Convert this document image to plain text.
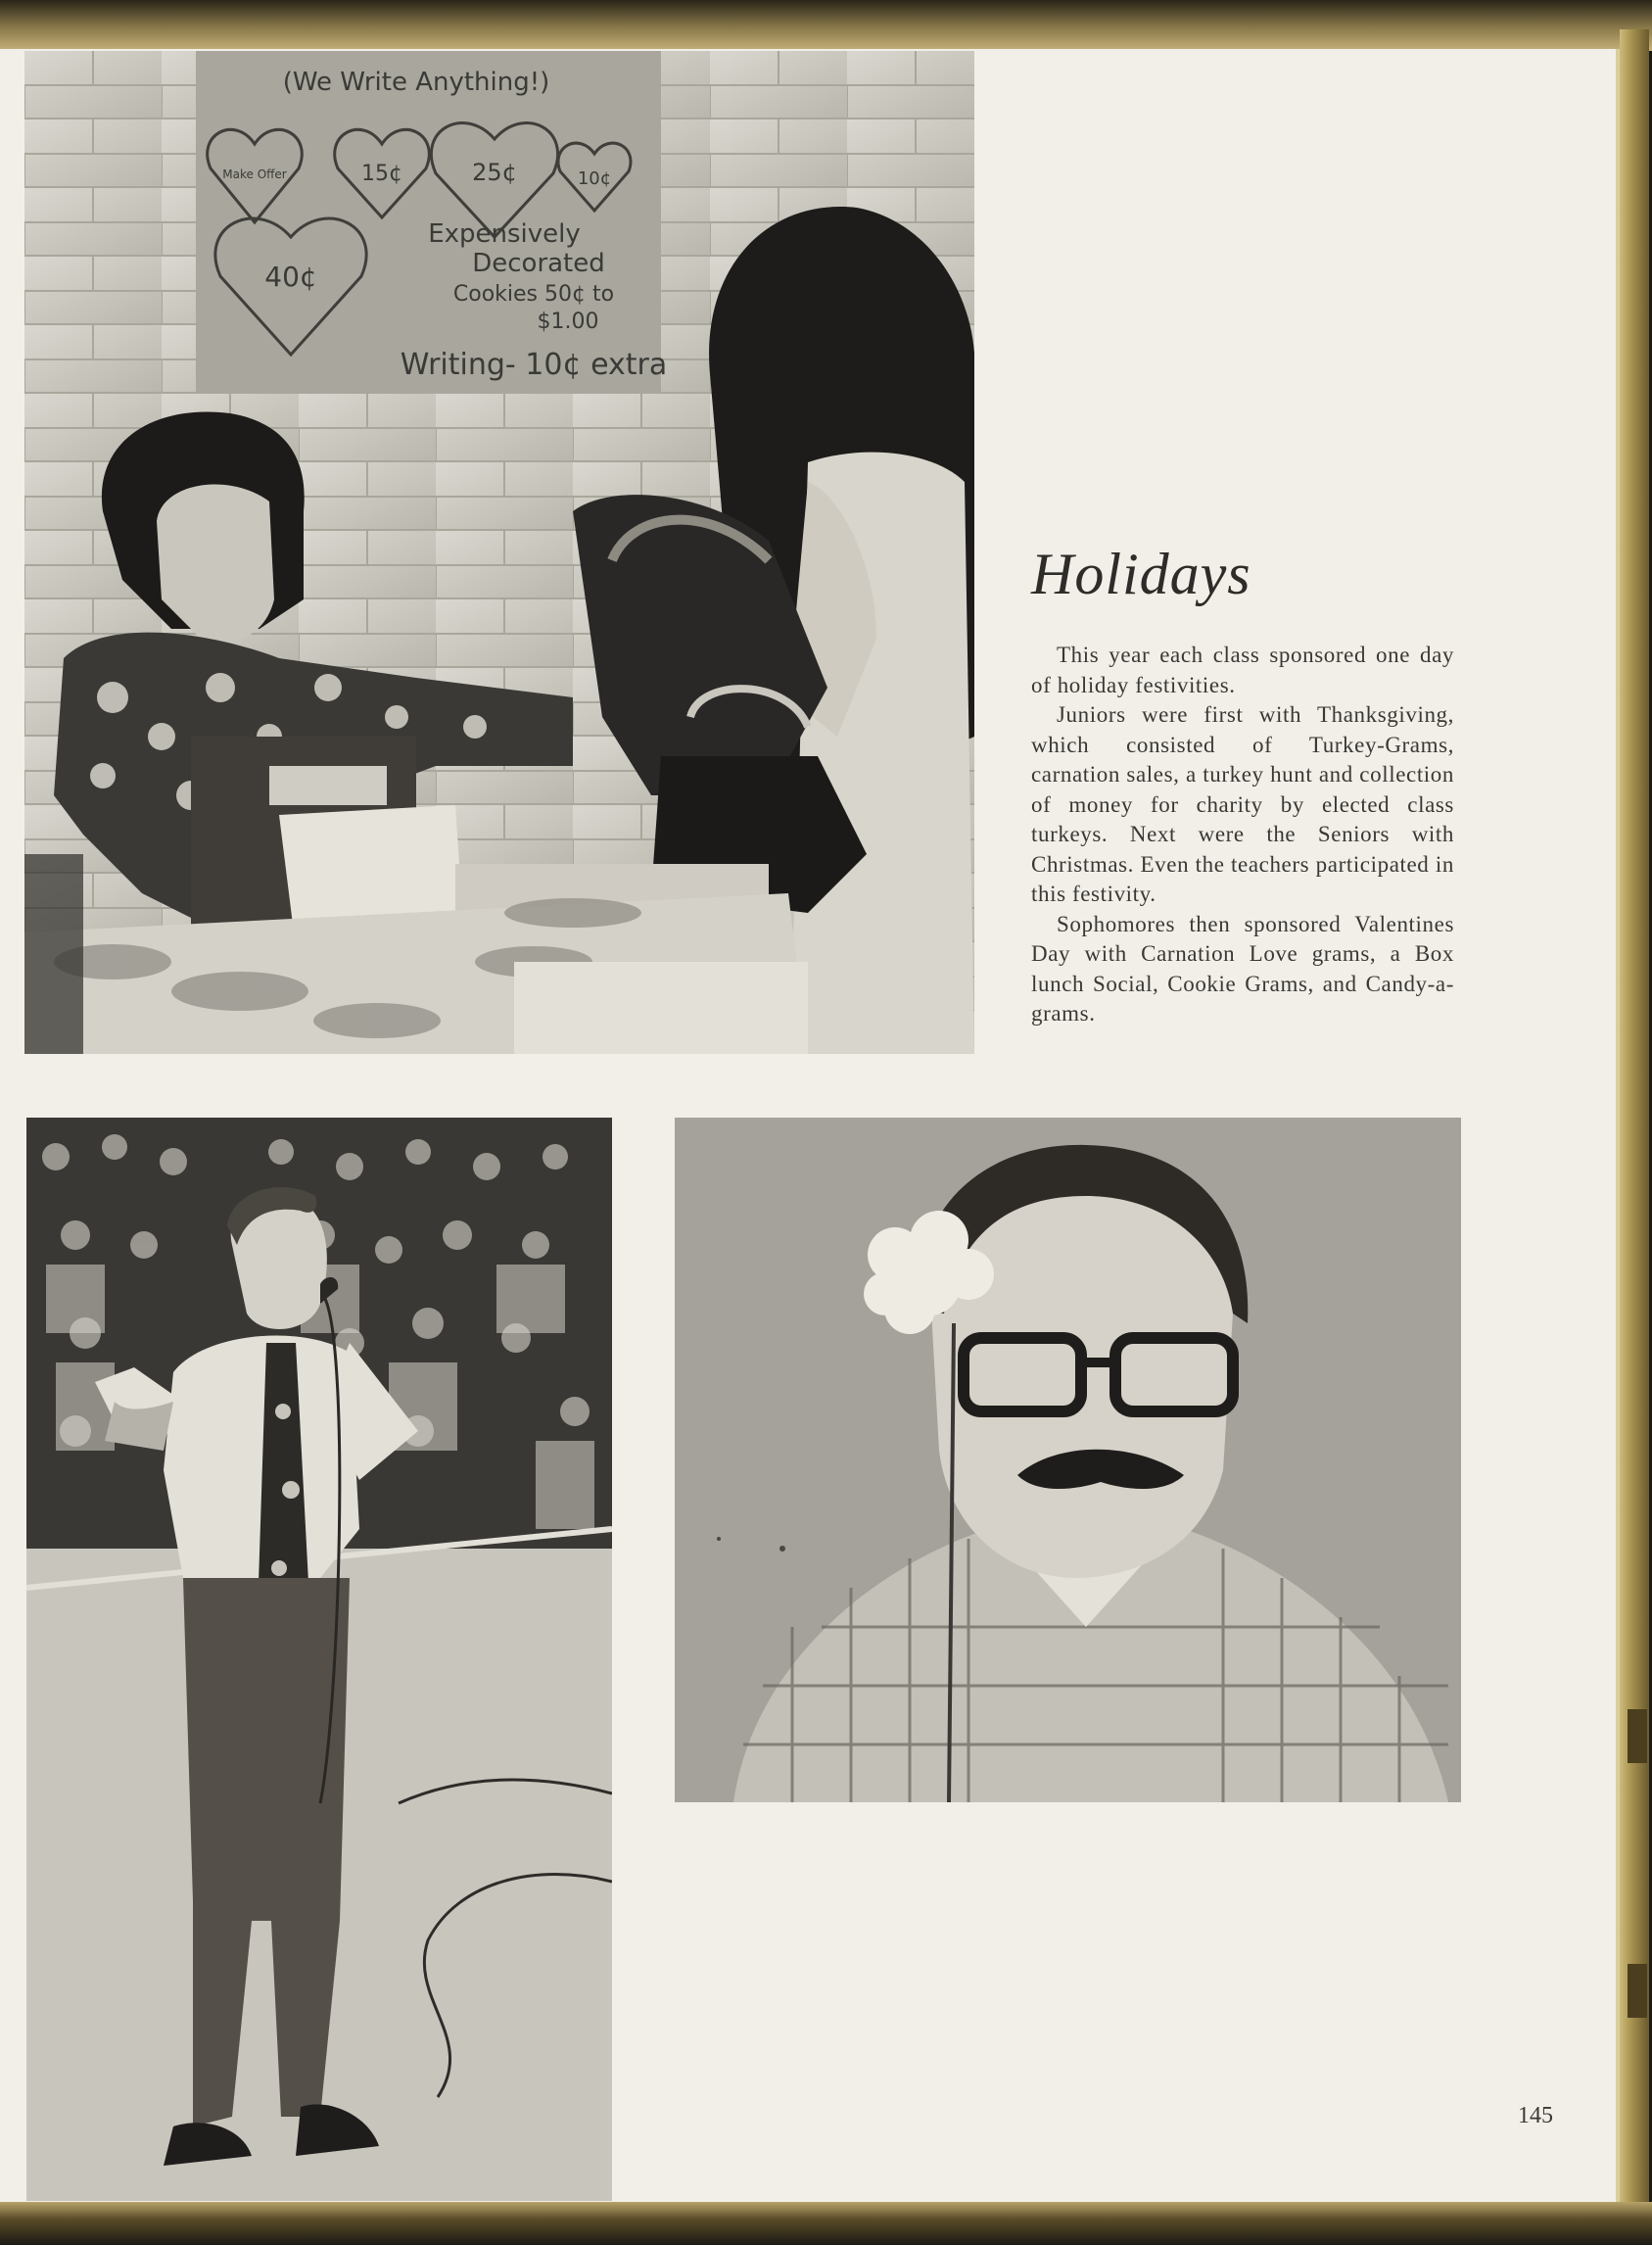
(We Write Anything!)
Make Offer	15¢	25¢	10¢
40¢
Expensively
Decorated
Cookies 50¢ to
$1.00
Writing- 10¢ extra
Holidays

This year each class sponsored one day of holiday festivities.

Juniors were first with Thanksgiving, which consisted of Turkey-Grams, carnation sales, a turkey hunt and collection of money for charity by elected class turkeys. Next were the Seniors with Christmas. Even the teachers participated in this festivity.

Sophomores then sponsored Valentines Day with Carnation Love grams, a Box lunch Social, Cookie Grams, and Candy-a-grams.

145
